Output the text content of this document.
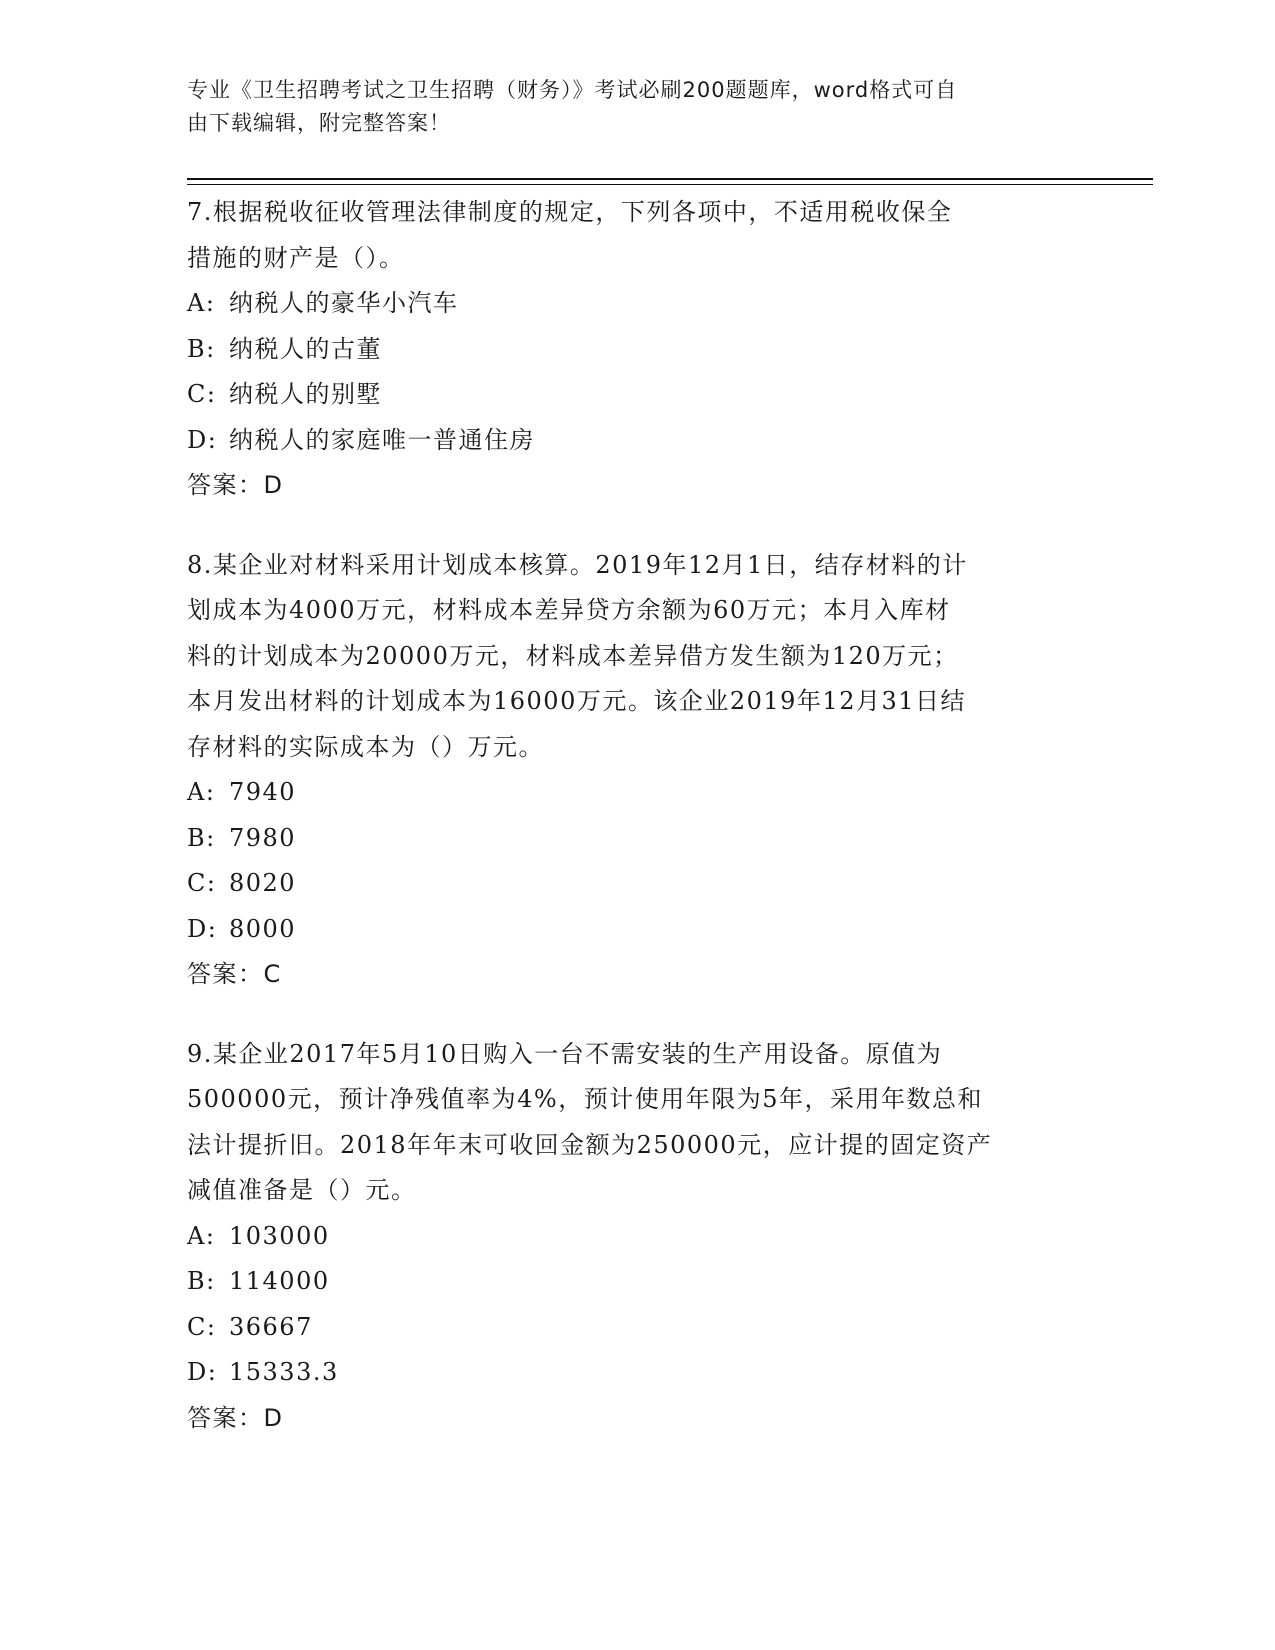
专业《卫生招聘考试之卫生招聘（财务）》考试必刷200题题库，word格式可自
由下载编辑，附完整答案！

7.根据税收征收管理法律制度的规定，下列各项中，不适用税收保全

措施的财产是（）。

A: 纳税人的豪华小汽车

B: 纳税人的古董

C: 纳税人的别墅

D: 纳税人的家庭唯一普通住房

答案：D

8.某企业对材料采用计划成本核算。2019年12月1日，结存材料的计

划成本为4000万元，材料成本差异贷方余额为60万元；本月入库材

料的计划成本为20000万元，材料成本差异借方发生额为120万元；

本月发出材料的计划成本为16000万元。该企业2019年12月31日结

存材料的实际成本为（）万元。

A: 7940

B: 7980

C: 8020

D: 8000

答案：C

9.某企业2017年5月10日购入一台不需安装的生产用设备。原值为

500000元，预计净残值率为4%，预计使用年限为5年，采用年数总和

法计提折旧。2018年年末可收回金额为250000元，应计提的固定资产

减值准备是（）元。

A: 103000

B: 114000

C: 36667

D: 15333.3

答案：D
